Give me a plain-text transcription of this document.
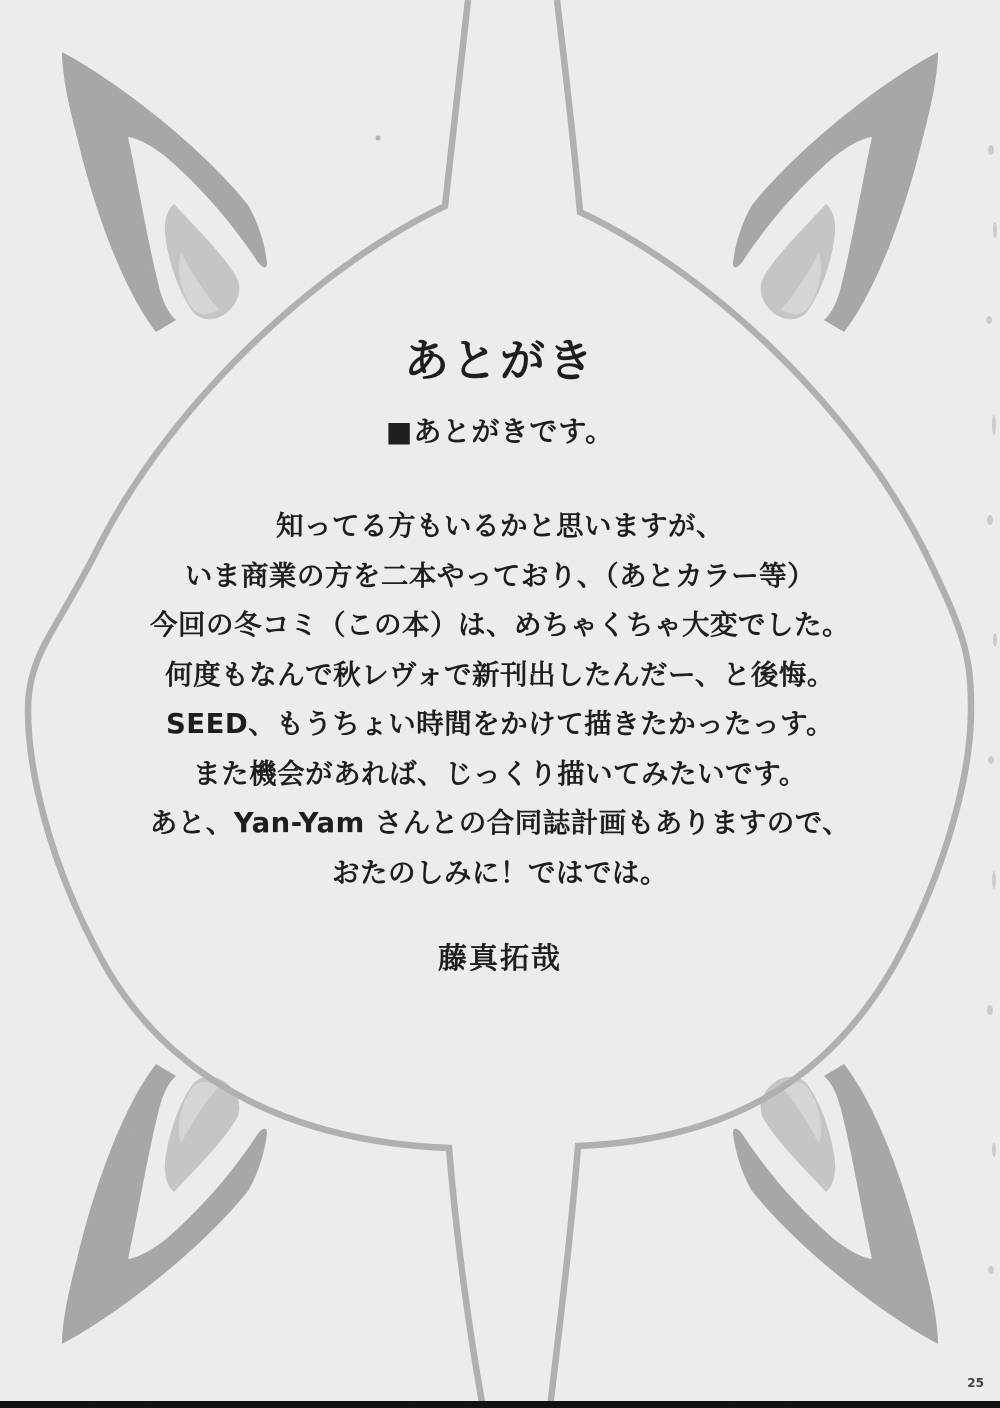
あとがき
■あとがきです。
知ってる方もいるかと思いますが、
いま商業の方を二本やっており、（あとカラー等）
今回の冬コミ（この本）は、めちゃくちゃ大変でした。
何度もなんで秋レヴォで新刊出したんだー、と後悔。
SEED、もうちょい時間をかけて描きたかったっす。
また機会があれば、じっくり描いてみたいです。
あと、Yan-Yam さんとの合同誌計画もありますので、
おたのしみに！ではでは。
藤真拓哉
25
